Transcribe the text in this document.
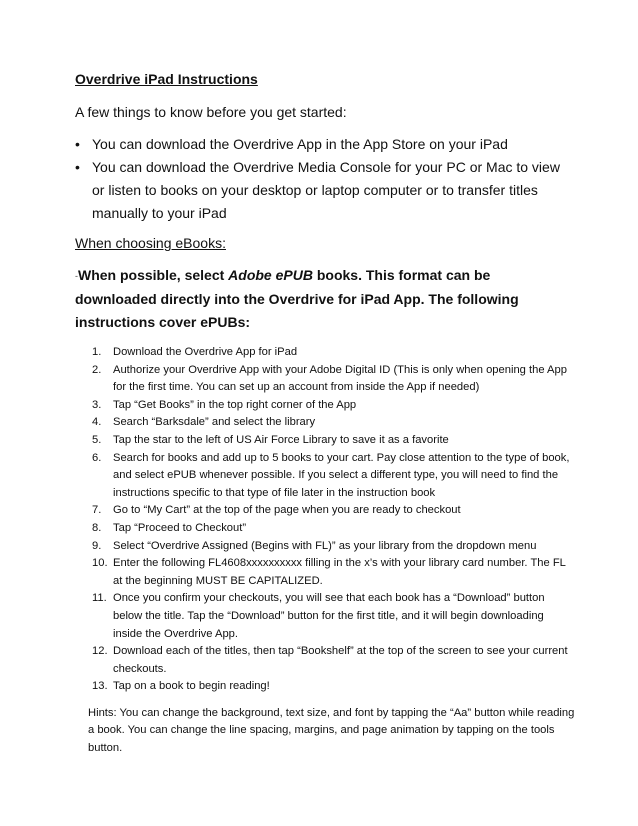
Overdrive iPad Instructions

A few things to know before you get started:

• You can download the Overdrive App in the App Store on your iPad
• You can download the Overdrive Media Console for your PC or Mac to view or listen to books on your desktop or laptop computer or to transfer titles manually to your iPad

When choosing eBooks:

-When possible, select Adobe ePUB books. This format can be downloaded directly into the Overdrive for iPad App. The following instructions cover ePUBs:

1. Download the Overdrive App for iPad
2. Authorize your Overdrive App with your Adobe Digital ID (This is only when opening the App for the first time. You can set up an account from inside the App if needed)
3. Tap “Get Books” in the top right corner of the App
4. Search “Barksdale” and select the library
5. Tap the star to the left of US Air Force Library to save it as a favorite
6. Search for books and add up to 5 books to your cart. Pay close attention to the type of book, and select ePUB whenever possible. If you select a different type, you will need to find the instructions specific to that type of file later in the instruction book
7. Go to “My Cart” at the top of the page when you are ready to checkout
8. Tap “Proceed to Checkout”
9. Select “Overdrive Assigned (Begins with FL)” as your library from the dropdown menu
10. Enter the following FL4608xxxxxxxxxx filling in the x’s with your library card number. The FL at the beginning MUST BE CAPITALIZED.
11. Once you confirm your checkouts, you will see that each book has a “Download” button below the title. Tap the “Download” button for the first title, and it will begin downloading inside the Overdrive App.
12. Download each of the titles, then tap “Bookshelf” at the top of the screen to see your current checkouts.
13. Tap on a book to begin reading!

Hints: You can change the background, text size, and font by tapping the “Aa” button while reading a book. You can change the line spacing, margins, and page animation by tapping on the tools button.
